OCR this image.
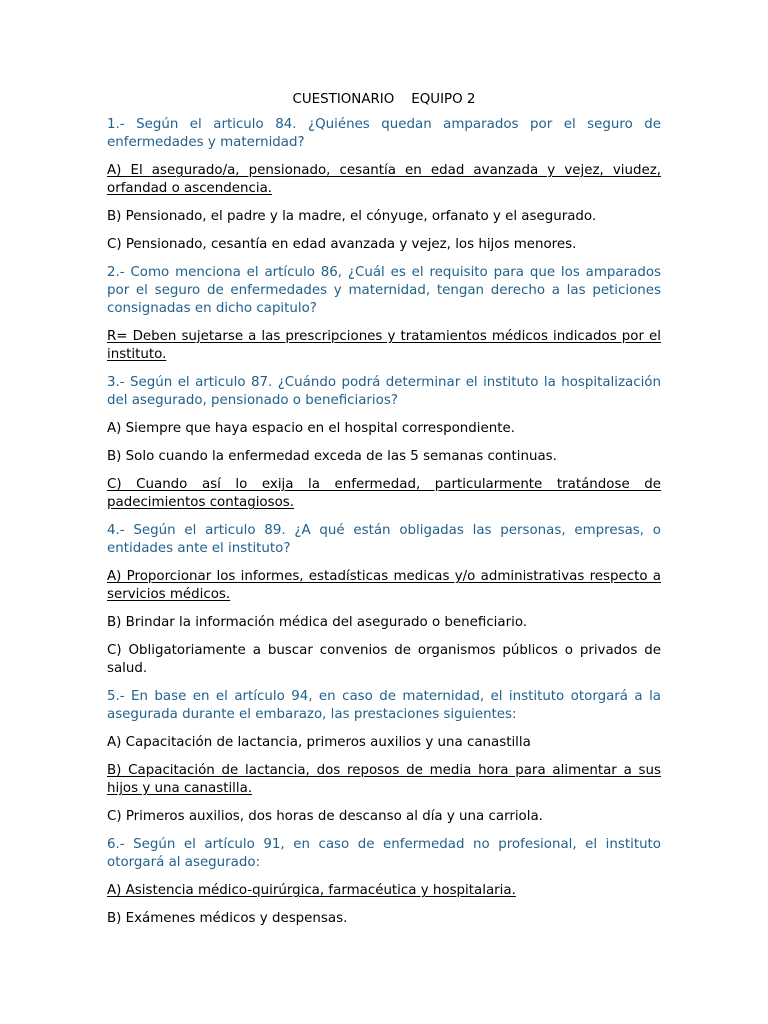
CUESTIONARIO    EQUIPO 2
1.- Según el articulo 84. ¿Quiénes quedan amparados por el seguro de enfermedades y maternidad?
A) El asegurado/a, pensionado, cesantía en edad avanzada y vejez, viudez, orfandad o ascendencia.
B) Pensionado, el padre y la madre, el cónyuge, orfanato y el asegurado.
C) Pensionado, cesantía en edad avanzada y vejez, los hijos menores.
2.- Como menciona el artículo 86, ¿Cuál es el requisito para que los amparados por el seguro de enfermedades y maternidad, tengan derecho a las peticiones consignadas en dicho capitulo?
R= Deben sujetarse a las prescripciones y tratamientos médicos indicados por el instituto.
3.- Según el articulo 87. ¿Cuándo podrá determinar el instituto la hospitalización del asegurado, pensionado o beneficiarios?
A) Siempre que haya espacio en el hospital correspondiente.
B) Solo cuando la enfermedad exceda de las 5 semanas continuas.
C) Cuando así lo exija la enfermedad, particularmente tratándose de padecimientos contagiosos.
4.- Según el articulo 89. ¿A qué están obligadas las personas, empresas, o entidades ante el instituto?
A) Proporcionar los informes, estadísticas medicas y/o administrativas respecto a servicios médicos.
B) Brindar la información médica del asegurado o beneficiario.
C) Obligatoriamente a buscar convenios de organismos públicos o privados de salud.
5.- En base en el artículo 94, en caso de maternidad, el instituto otorgará a la asegurada durante el embarazo, las prestaciones siguientes:
A) Capacitación de lactancia, primeros auxilios y una canastilla
B) Capacitación de lactancia, dos reposos de media hora para alimentar a sus hijos y una canastilla.
C) Primeros auxilios, dos horas de descanso al día y una carriola.
6.- Según el artículo 91, en caso de enfermedad no profesional, el instituto otorgará al asegurado:
A) Asistencia médico-quirúrgica, farmacéutica y hospitalaria.
B) Exámenes médicos y despensas.
